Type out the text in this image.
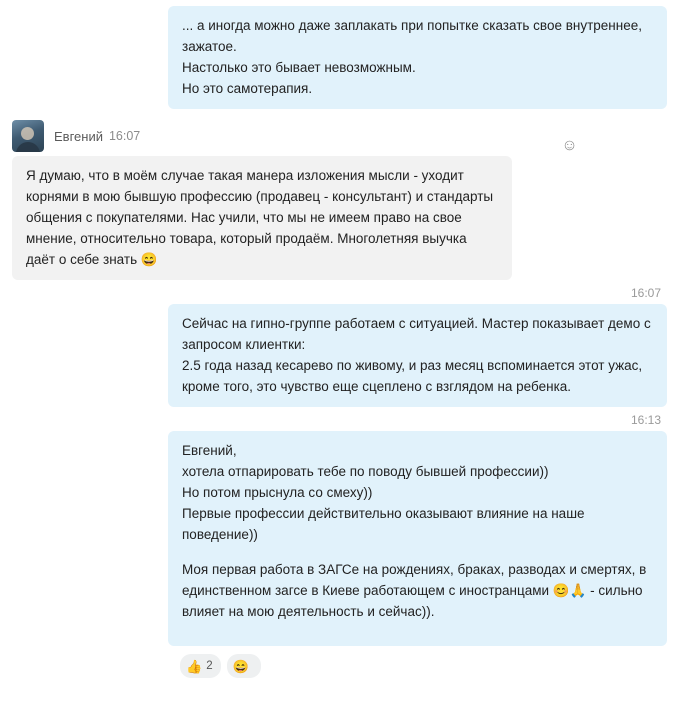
... а иногда можно даже заплакать при попытке сказать свое внутреннее, зажатое.
Настолько это бывает невозможным.
Но это самотерапия.
Евгений 16:07
Я думаю, что в моём случае такая манера изложения мысли - уходит корнями в мою бывшую профессию (продавец - консультант) и стандарты общения с покупателями. Нас учили, что мы не имеем право на свое мнение, относительно товара, который продаём. Многолетняя выучка даёт о себе знать 😄
☺
16:07
Сейчас на гипно-группе работаем с ситуацией. Мастер показывает демо с запросом клиентки:
2.5 года назад кесарево по живому, и раз месяц вспоминается этот ужас, кроме того, это чувство еще сцеплено с взглядом на ребенка.
16:13
Евгений,
хотела отпарировать тебе по поводу бывшей профессии))
Но потом прыснула со смеху))
Первые профессии действительно оказывают влияние на наше поведение))
Моя первая работа в ЗАГСе на рождениях, браках, разводах и смертях, в единственном загсе в Киеве работающем с иностранцами 😊🙏 - сильно влияет на мою деятельность и сейчас)).
👍 2 😄
